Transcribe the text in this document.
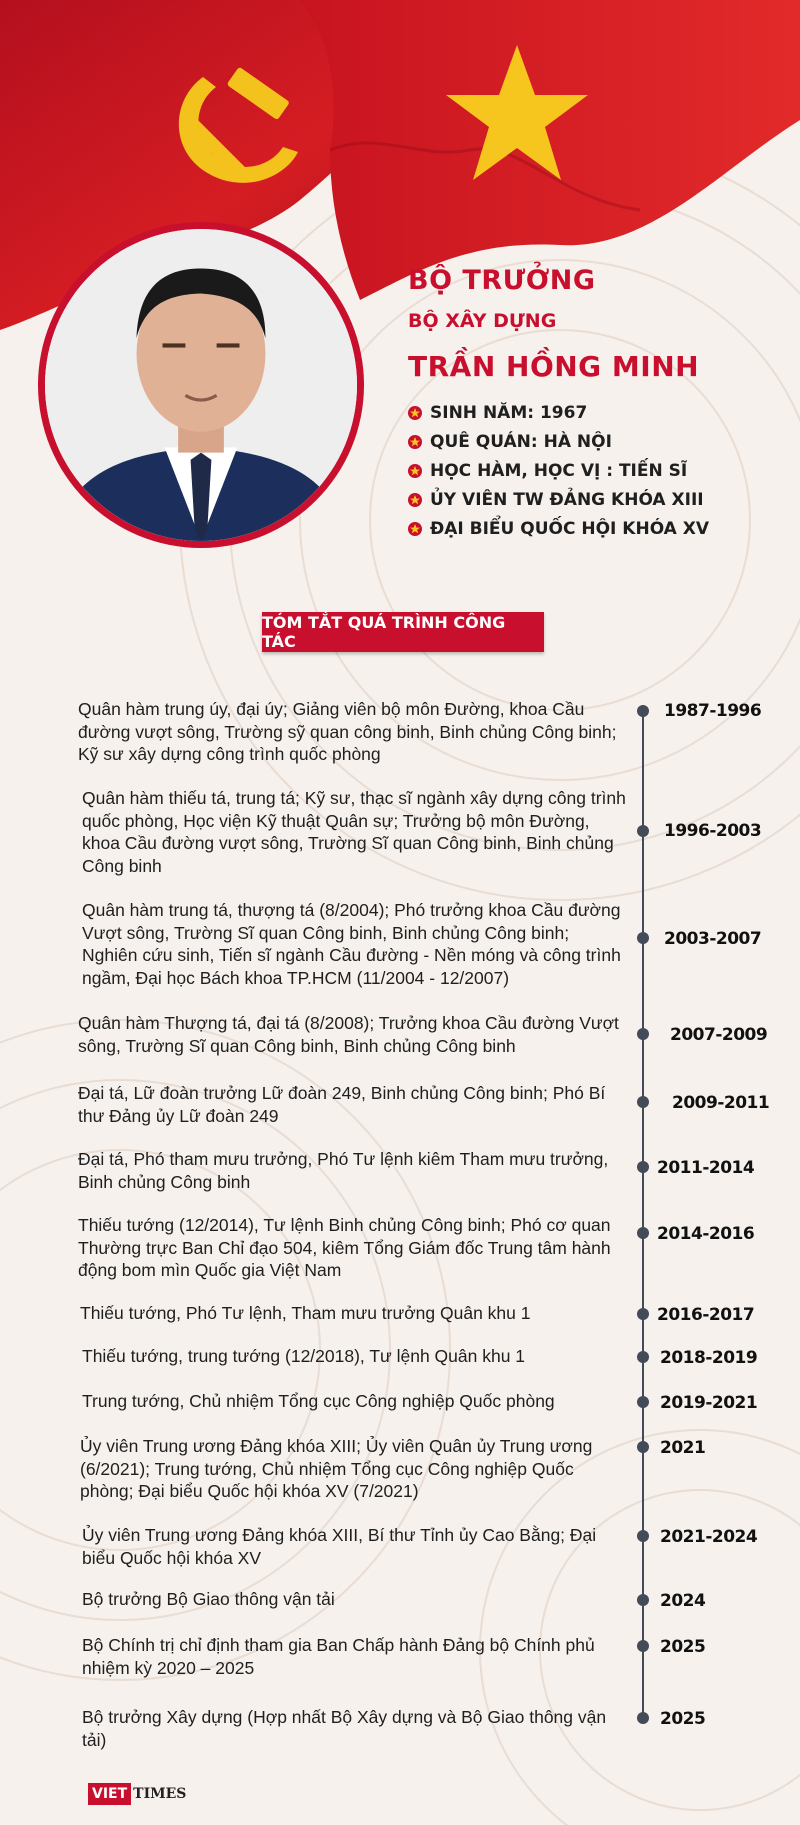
BỘ TRƯỞNG
BỘ XÂY DỰNG
TRẦN HỒNG MINH
SINH NĂM: 1967
QUÊ QUÁN: HÀ NỘI
HỌC HÀM, HỌC VỊ : TIẾN SĨ
ỦY VIÊN TW ĐẢNG KHÓA XIII
ĐẠI BIỂU QUỐC HỘI KHÓA XV
TÓM TẮT QUÁ TRÌNH CÔNG TÁC
Quân hàm trung úy, đại úy; Giảng viên bộ môn Đường, khoa Cầu đường vượt sông, Trường sỹ quan công binh, Binh chủng Công binh; Kỹ sư xây dựng công trình quốc phòng
1987-1996
Quân hàm thiếu tá, trung tá; Kỹ sư, thạc sĩ ngành xây dựng công trình quốc phòng, Học viện Kỹ thuật Quân sự; Trưởng bộ môn Đường, khoa Cầu đường vượt sông, Trường Sĩ quan Công binh, Binh chủng Công binh
1996-2003
Quân hàm trung tá, thượng tá (8/2004); Phó trưởng khoa Cầu đường Vượt sông, Trường Sĩ quan Công binh, Binh chủng Công binh; Nghiên cứu sinh, Tiến sĩ ngành Cầu đường - Nền móng và công trình ngầm, Đại học Bách khoa TP.HCM (11/2004 - 12/2007)
2003-2007
Quân hàm Thượng tá, đại tá (8/2008); Trưởng khoa Cầu đường Vượt sông, Trường Sĩ quan Công binh, Binh chủng Công binh
2007-2009
Đại tá, Lữ đoàn trưởng Lữ đoàn 249, Binh chủng Công binh; Phó Bí thư Đảng ủy Lữ đoàn 249
2009-2011
Đại tá, Phó tham mưu trưởng, Phó Tư lệnh kiêm Tham mưu trưởng, Binh chủng Công binh
2011-2014
Thiếu tướng (12/2014), Tư lệnh Binh chủng Công binh; Phó cơ quan Thường trực Ban Chỉ đạo 504, kiêm Tổng Giám đốc Trung tâm hành động bom mìn Quốc gia Việt Nam
2014-2016
Thiếu tướng, Phó Tư lệnh, Tham mưu trưởng Quân khu 1	2016-2017
Thiếu tướng, trung tướng (12/2018), Tư lệnh Quân khu 1	2018-2019
Trung tướng, Chủ nhiệm Tổng cục Công nghiệp Quốc phòng	2019-2021
Ủy viên Trung ương Đảng khóa XIII; Ủy viên Quân ủy Trung ương (6/2021); Trung tướng, Chủ nhiệm Tổng cục Công nghiệp Quốc phòng; Đại biểu Quốc hội khóa XV (7/2021)
2021
Ủy viên Trung ương Đảng khóa XIII, Bí thư Tỉnh ủy Cao Bằng; Đại biểu Quốc hội khóa XV
2021-2024
Bộ trưởng Bộ Giao thông vận tải	2024
Bộ Chính trị chỉ định tham gia Ban Chấp hành Đảng bộ Chính phủ nhiệm kỳ 2020 – 2025
2025
Bộ trưởng Xây dựng (Hợp nhất Bộ Xây dựng và Bộ Giao thông vận tải)
2025
VIET TIMES
